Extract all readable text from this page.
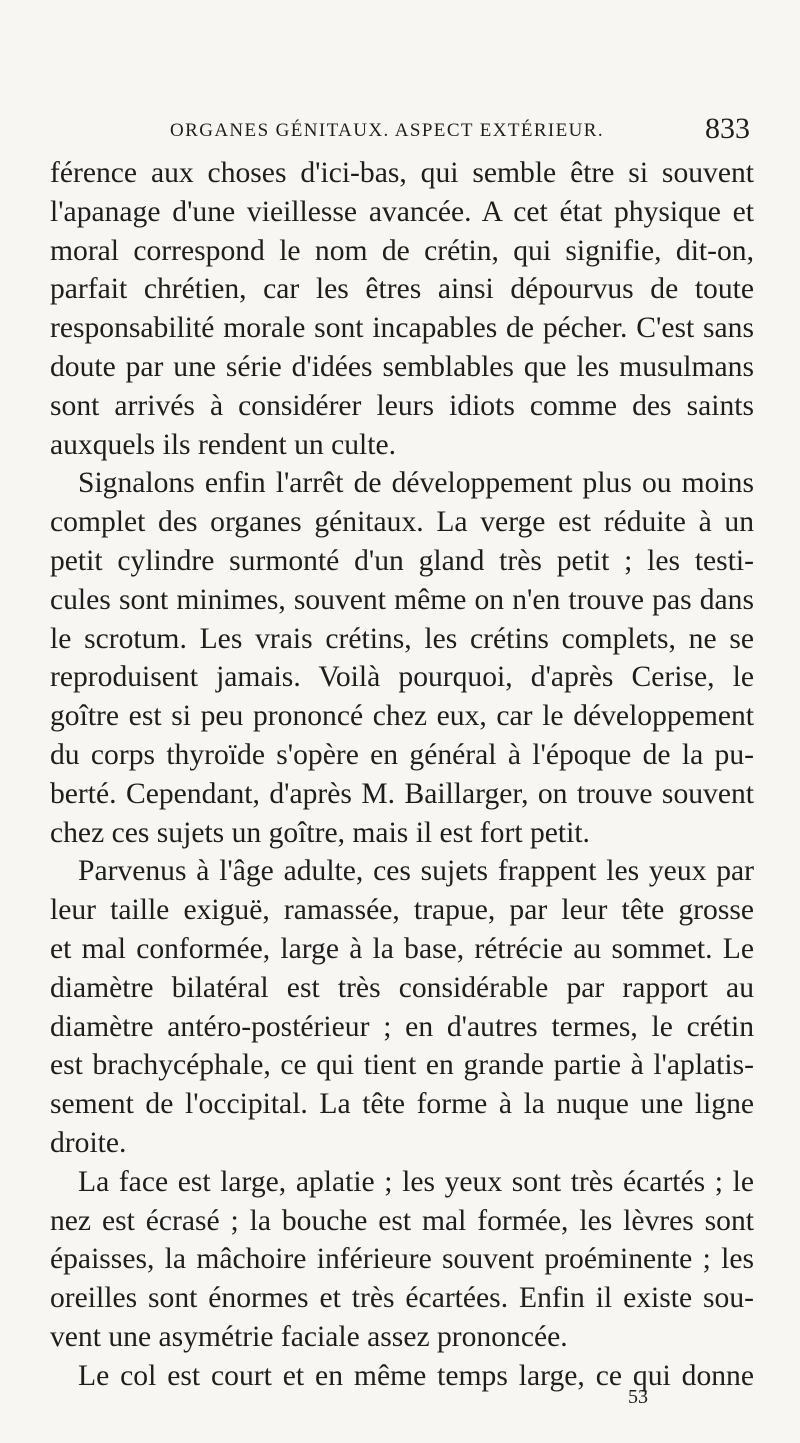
ORGANES GÉNITAUX. ASPECT EXTÉRIEUR.	833
férence aux choses d'ici-bas, qui semble être si souvent
l'apanage d'une vieillesse avancée. A cet état physique et
moral correspond le nom de crétin, qui signifie, dit-on,
parfait chrétien, car les êtres ainsi dépourvus de toute
responsabilité morale sont incapables de pécher. C'est sans
doute par une série d'idées semblables que les musulmans
sont arrivés à considérer leurs idiots comme des saints
auxquels ils rendent un culte.
Signalons enfin l'arrêt de développement plus ou moins
complet des organes génitaux. La verge est réduite à un
petit cylindre surmonté d'un gland très petit ; les testi-
cules sont minimes, souvent même on n'en trouve pas dans
le scrotum. Les vrais crétins, les crétins complets, ne se
reproduisent jamais. Voilà pourquoi, d'après Cerise, le
goître est si peu prononcé chez eux, car le développement
du corps thyroïde s'opère en général à l'époque de la pu-
berté. Cependant, d'après M. Baillarger, on trouve souvent
chez ces sujets un goître, mais il est fort petit.
Parvenus à l'âge adulte, ces sujets frappent les yeux par
leur taille exiguë, ramassée, trapue, par leur tête grosse
et mal conformée, large à la base, rétrécie au sommet. Le
diamètre bilatéral est très considérable par rapport au
diamètre antéro-postérieur ; en d'autres termes, le crétin
est brachycéphale, ce qui tient en grande partie à l'aplatis-
sement de l'occipital. La tête forme à la nuque une ligne
droite.
La face est large, aplatie ; les yeux sont très écartés ; le
nez est écrasé ; la bouche est mal formée, les lèvres sont
épaisses, la mâchoire inférieure souvent proéminente ; les
oreilles sont énormes et très écartées. Enfin il existe sou-
vent une asymétrie faciale assez prononcée.
Le col est court et en même temps large, ce qui donne
53
